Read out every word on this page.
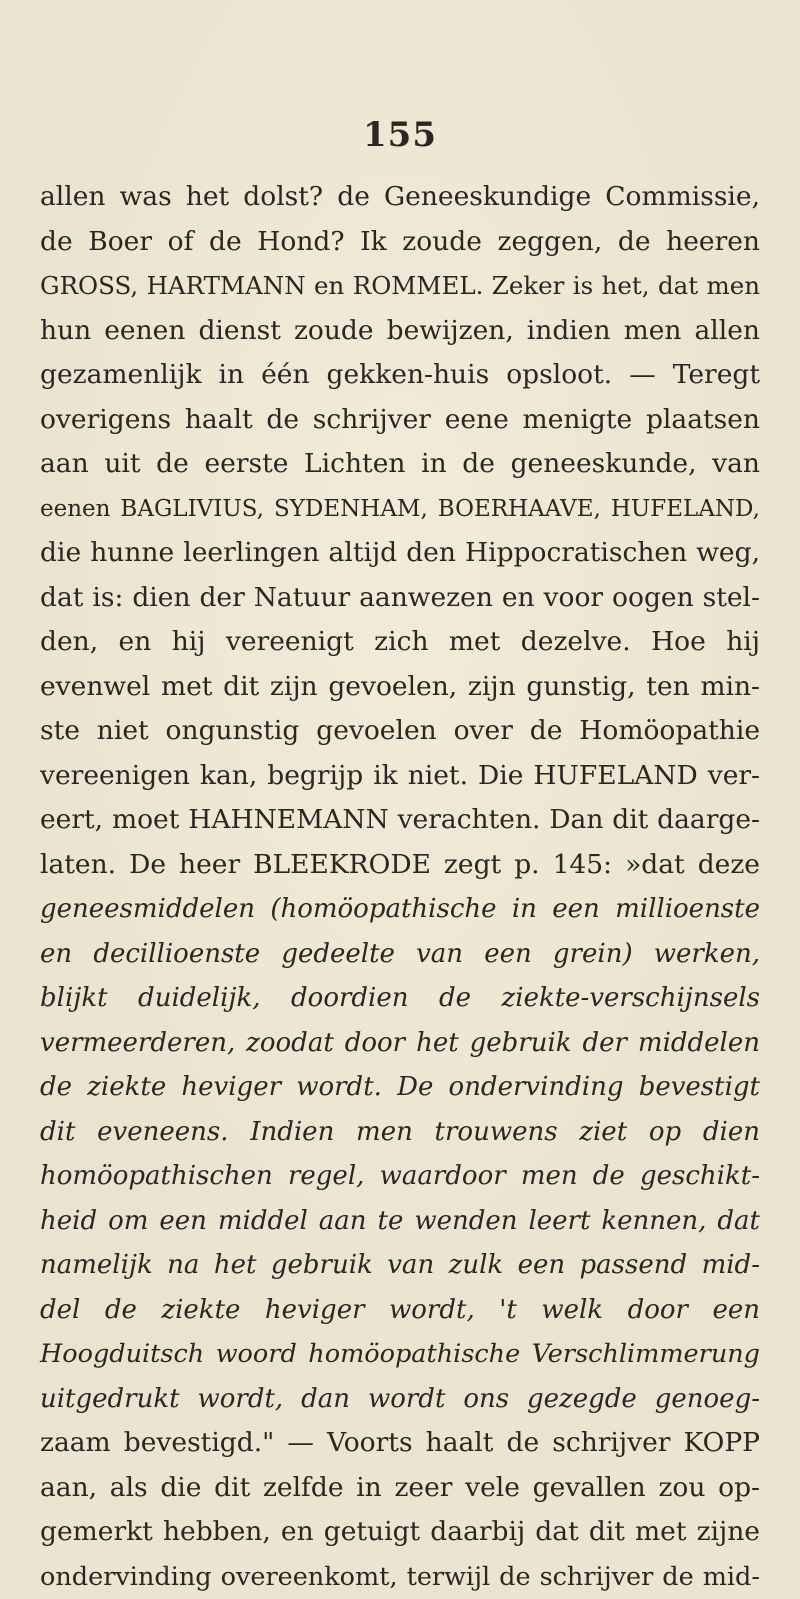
155
allen was het dolst? de Geneeskundige Commissie,
de Boer of de Hond? Ik zoude zeggen, de heeren
GROSS, HARTMANN en ROMMEL. Zeker is het, dat men
hun eenen dienst zoude bewijzen, indien men allen
gezamenlijk in één gekken-huis opsloot. — Teregt
overigens haalt de schrijver eene menigte plaatsen
aan uit de eerste Lichten in de geneeskunde, van
eenen BAGLIVIUS, SYDENHAM, BOERHAAVE, HUFELAND,
die hunne leerlingen altijd den Hippocratischen weg,
dat is: dien der Natuur aanwezen en voor oogen stel-
den, en hij vereenigt zich met dezelve. Hoe hij
evenwel met dit zijn gevoelen, zijn gunstig, ten min-
ste niet ongunstig gevoelen over de Homöopathie
vereenigen kan, begrijp ik niet. Die HUFELAND ver-
eert, moet HAHNEMANN verachten. Dan dit daarge-
laten. De heer BLEEKRODE zegt p. 145: »dat deze
geneesmiddelen (homöopathische in een millioenste
en decillioenste gedeelte van een grein) werken,
blijkt duidelijk, doordien de ziekte-verschijnsels
vermeerderen, zoodat door het gebruik der middelen
de ziekte heviger wordt. De ondervinding bevestigt
dit eveneens. Indien men trouwens ziet op dien
homöopathischen regel, waardoor men de geschikt-
heid om een middel aan te wenden leert kennen, dat
namelijk na het gebruik van zulk een passend mid-
del de ziekte heviger wordt, 't welk door een
Hoogduitsch woord homöopathische Verschlimmerung
uitgedrukt wordt, dan wordt ons gezegde genoeg-
zaam bevestigd." — Voorts haalt de schrijver KOPP
aan, als die dit zelfde in zeer vele gevallen zou op-
gemerkt hebben, en getuigt daarbij dat dit met zijne
ondervinding overeenkomt, terwijl de schrijver de mid-
